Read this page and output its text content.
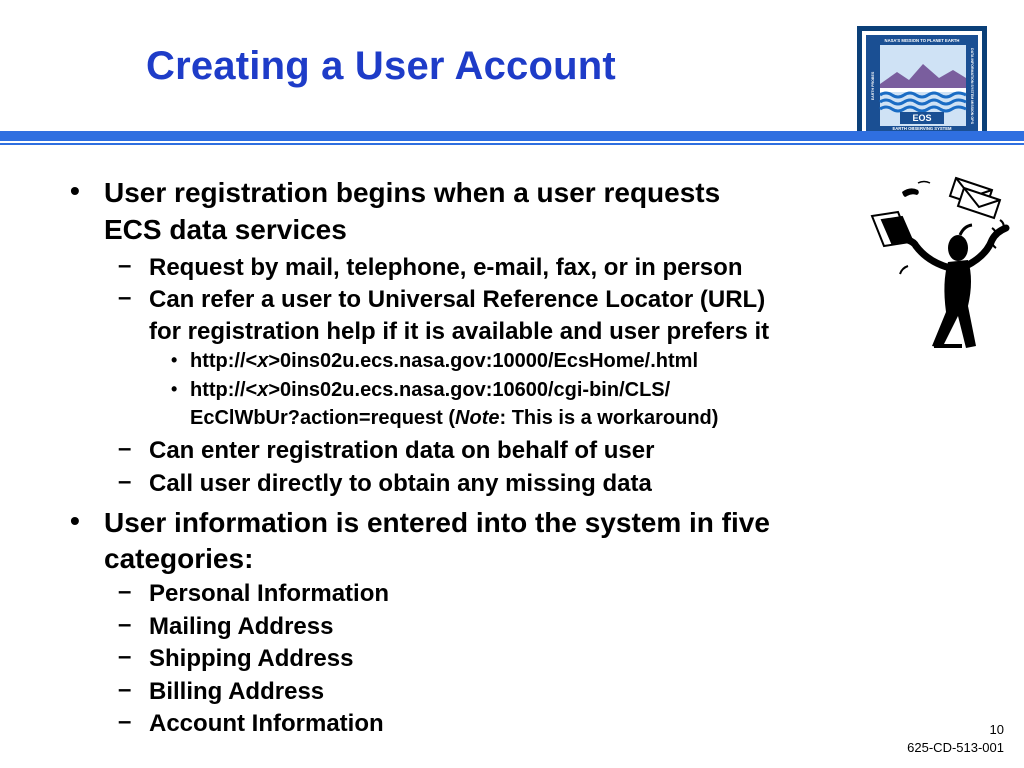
Creating a User Account
NASA'S MISSION TO PLANET EARTH
EOS
EARTH OBSERVING SYSTEM
EARTH PROBES	DATA INFORMATION SYSTEM MISSION OPS
• User registration begins when a user requests
ECS data services
– Request by mail, telephone, e-mail, fax, or in person
– Can refer a user to Universal Reference Locator (URL)
for registration help if it is available and user prefers it
• http://<x>0ins02u.ecs.nasa.gov:10000/EcsHome/.html
• http://<x>0ins02u.ecs.nasa.gov:10600/cgi-bin/CLS/
EcClWbUr?action=request (Note: This is a workaround)
– Can enter registration data on behalf of user
– Call user directly to obtain any missing data
• User information is entered into the system in five
categories:
– Personal Information
– Mailing Address
– Shipping Address
– Billing Address
– Account Information	10
625-CD-513-001
